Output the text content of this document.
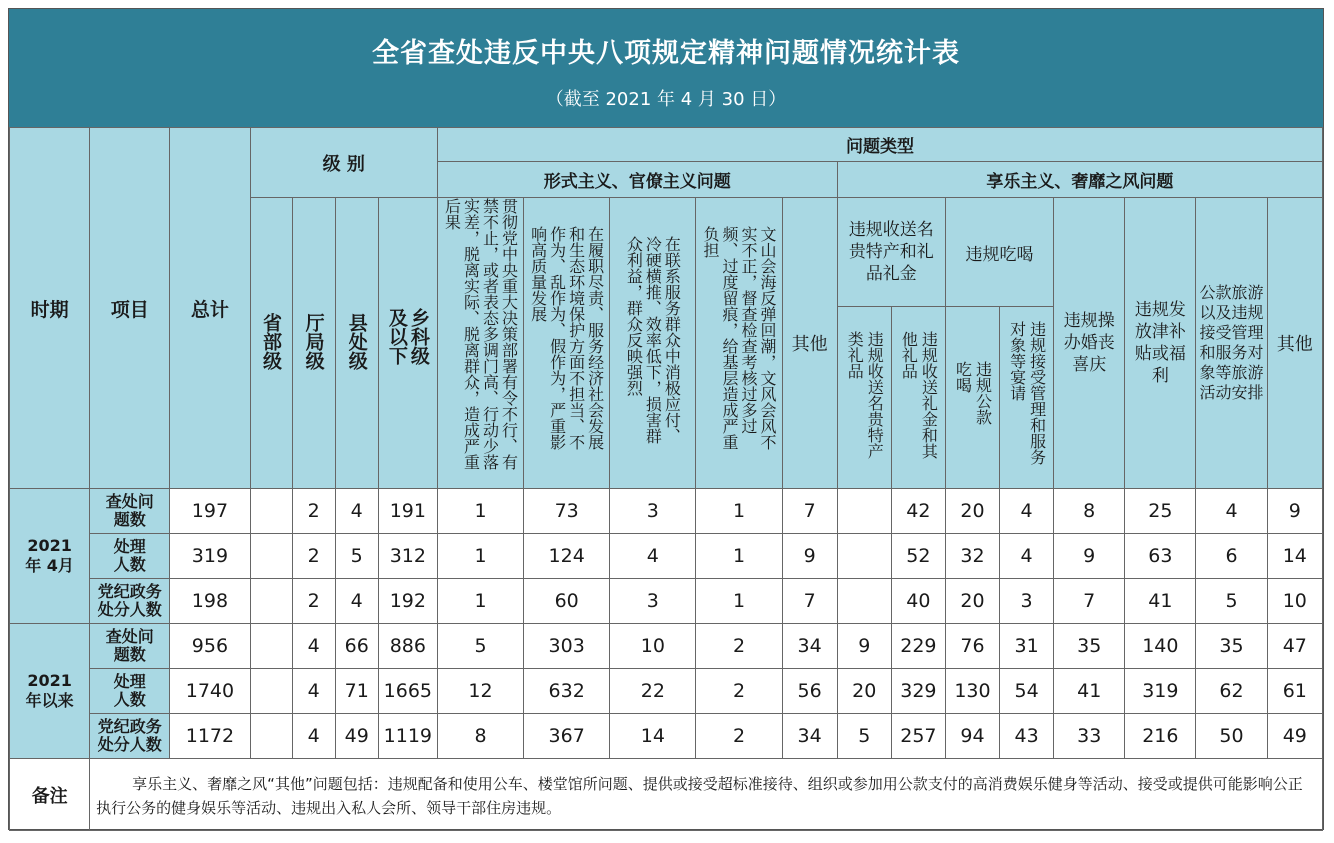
全省查处违反中央八项规定精神问题情况统计表
（截至 2021 年 4 月 30 日）
时期	项目	总计	级 别				问题类型												
							形式主义、官僚主义问题					享乐主义、奢靡之风问题							
			省部级	厅局级	县处级	乡科级及以下	贯彻党中央重大决策部署有令不行、有禁不止，或者表态多调门高、行动少落实差，脱离实际、脱离群众，造成严重后果	在履职尽责、服务经济社会发展和生态环境保护方面不担当、不作为、乱作为、假作为，严重影响高质量发展	在联系服务群众中消极应付、冷硬横推、效率低下，损害群众利益，群众反映强烈	文山会海反弹回潮，文风会风不实不正，督查检查考核过多过频、过度留痕，给基层造成严重负担	其他	违规收送名贵特产和礼品礼金		违规吃喝		违规操办婚丧喜庆	违规发放津补贴或福利	公款旅游以及违规接受管理和服务对象等旅游活动安排	其他
												违规收送名贵特产类礼品	违规收送礼金和其他礼品	违规公款吃喝	违规接受管理和服务对象等宴请				
2021 年 4月	查处问题数	197		2	4	191	1	73	3	1	7		42	20	4	8	25	4	9
	处理人数	319		2	5	312	1	124	4	1	9		52	32	4	9	63	6	14
	党纪政务处分人数	198		2	4	192	1	60	3	1	7		40	20	3	7	41	5	10
2021 年以来	查处问题数	956		4	66	886	5	303	10	2	34	9	229	76	31	35	140	35	47
	处理人数	1740		4	71	1665	12	632	22	2	56	20	329	130	54	41	319	62	61
	党纪政务处分人数	1172		4	49	1119	8	367	14	2	34	5	257	94	43	33	216	50	49
备注	享乐主义、奢靡之风“其他”问题包括：违规配备和使用公车、楼堂馆所问题、提供或接受超标准接待、组织或参加用公款支付的高消费娱乐健身等活动、接受或提供可能影响公正执行公务的健身娱乐等活动、违规出入私人会所、领导干部住房违规。																		
